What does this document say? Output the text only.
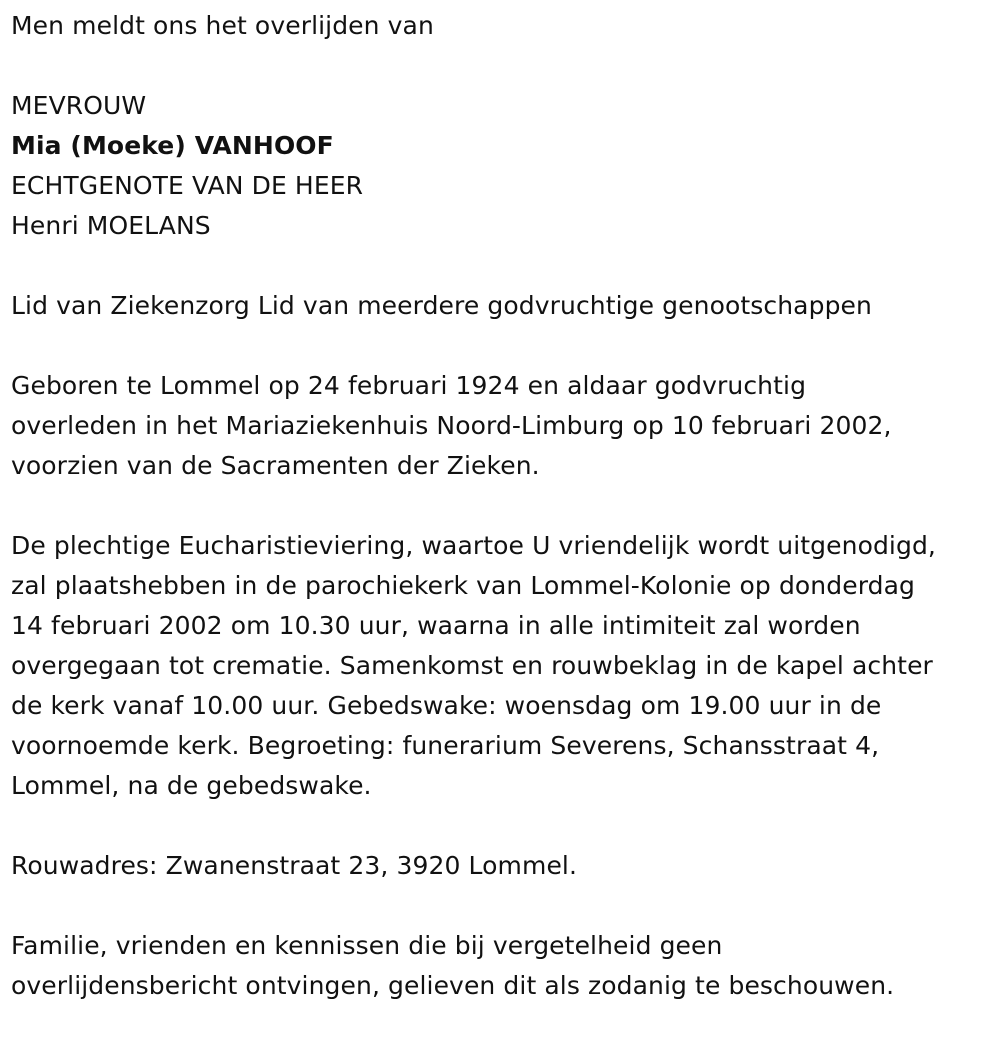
Men meldt ons het overlijden van

MEVROUW

Mia (Moeke) VANHOOF

ECHTGENOTE VAN DE HEER

Henri MOELANS

Lid van Ziekenzorg Lid van meerdere godvruchtige genootschappen

Geboren te Lommel op 24 februari 1924 en aldaar godvruchtig
overleden in het Mariaziekenhuis Noord-Limburg op 10 februari 2002,
voorzien van de Sacramenten der Zieken.
De plechtige Eucharistieviering, waartoe U vriendelijk wordt uitgenodigd,
zal plaatshebben in de parochiekerk van Lommel-Kolonie op donderdag
14 februari 2002 om 10.30 uur, waarna in alle intimiteit zal worden
overgegaan tot crematie. Samenkomst en rouwbeklag in de kapel achter
de kerk vanaf 10.00 uur. Gebedswake: woensdag om 19.00 uur in de
voornoemde kerk. Begroeting: funerarium Severens, Schansstraat 4,
Lommel, na de gebedswake.

Rouwadres: Zwanenstraat 23, 3920 Lommel.

Familie, vrienden en kennissen die bij vergetelheid geen
overlijdensbericht ontvingen, gelieven dit als zodanig te beschouwen.
